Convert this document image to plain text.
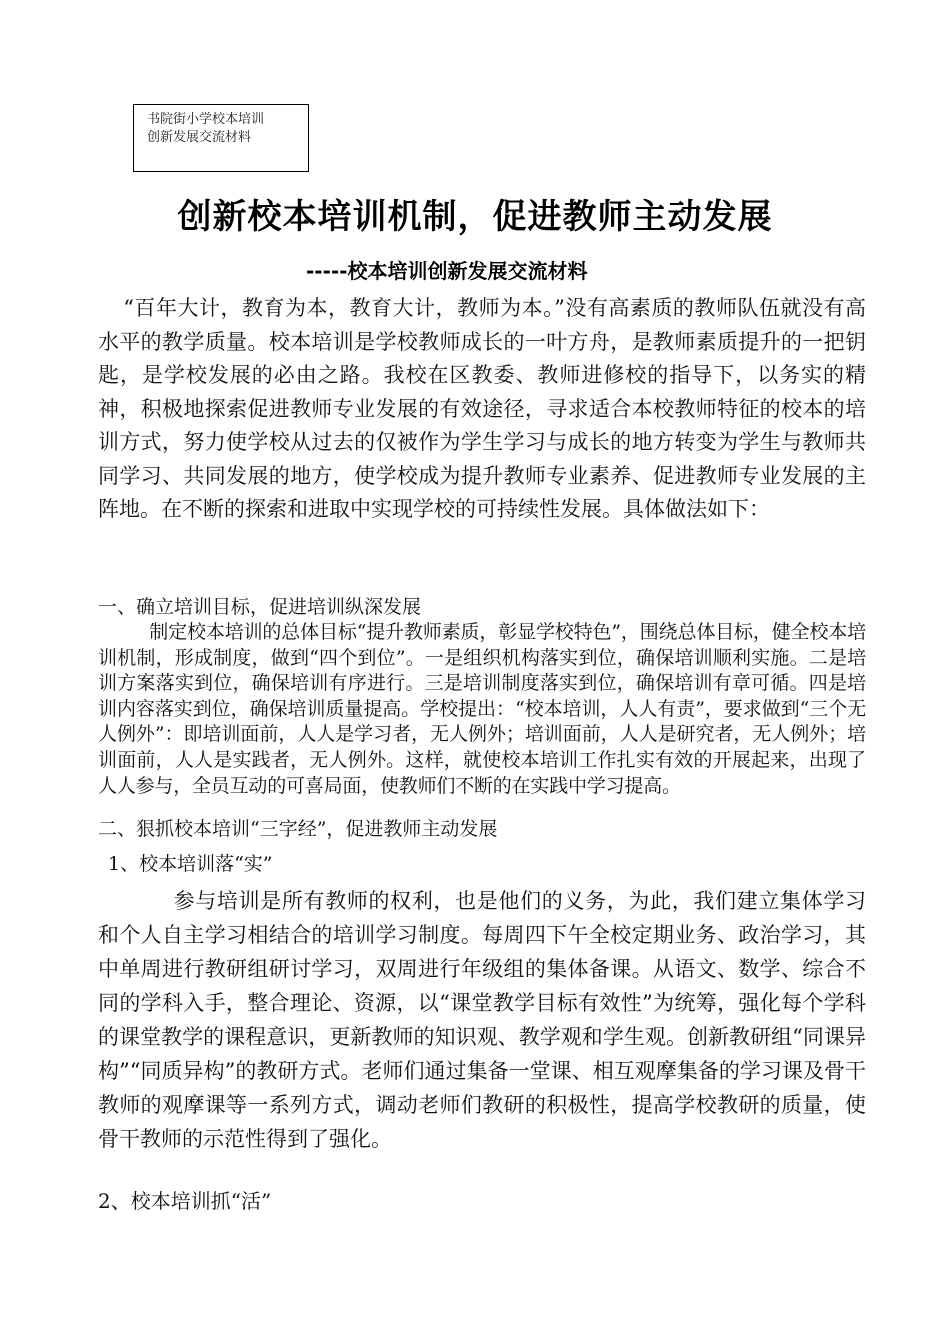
书院街小学校本培训
创新发展交流材料
创新校本培训机制，促进教师主动发展
-----校本培训创新发展交流材料

“百年大计，教育为本，教育大计，教师为本。”没有高素质的教师队伍就没有高水平的教学质量。校本培训是学校教师成长的一叶方舟，是教师素质提升的一把钥匙，是学校发展的必由之路。我校在区教委、教师进修校的指导下，以务实的精神，积极地探索促进教师专业发展的有效途径，寻求适合本校教师特征的校本的培训方式，努力使学校从过去的仅被作为学生学习与成长的地方转变为学生与教师共同学习、共同发展的地方，使学校成为提升教师专业素养、促进教师专业发展的主阵地。在不断的探索和进取中实现学校的可持续性发展。具体做法如下：

一、确立培训目标，促进培训纵深发展

制定校本培训的总体目标“提升教师素质，彰显学校特色”，围绕总体目标，健全校本培训机制，形成制度，做到“四个到位”。一是组织机构落实到位，确保培训顺利实施。二是培训方案落实到位，确保培训有序进行。三是培训制度落实到位，确保培训有章可循。四是培训内容落实到位，确保培训质量提高。学校提出：“校本培训，人人有责”，要求做到“三个无人例外”：即培训面前，人人是学习者，无人例外；培训面前，人人是研究者，无人例外；培训面前，人人是实践者，无人例外。这样，就使校本培训工作扎实有效的开展起来，出现了人人参与，全员互动的可喜局面，使教师们不断的在实践中学习提高。

二、狠抓校本培训“三字经”，促进教师主动发展
1、校本培训落“实”

参与培训是所有教师的权利，也是他们的义务，为此，我们建立集体学习和个人自主学习相结合的培训学习制度。每周四下午全校定期业务、政治学习，其中单周进行教研组研讨学习，双周进行年级组的集体备课。从语文、数学、综合不同的学科入手，整合理论、资源，以“课堂教学目标有效性”为统筹，强化每个学科的课堂教学的课程意识，更新教师的知识观、教学观和学生观。创新教研组“同课异构”“同质异构”的教研方式。老师们通过集备一堂课、相互观摩集备的学习课及骨干教师的观摩课等一系列方式，调动老师们教研的积极性，提高学校教研的质量，使骨干教师的示范性得到了强化。

2、校本培训抓“活”
